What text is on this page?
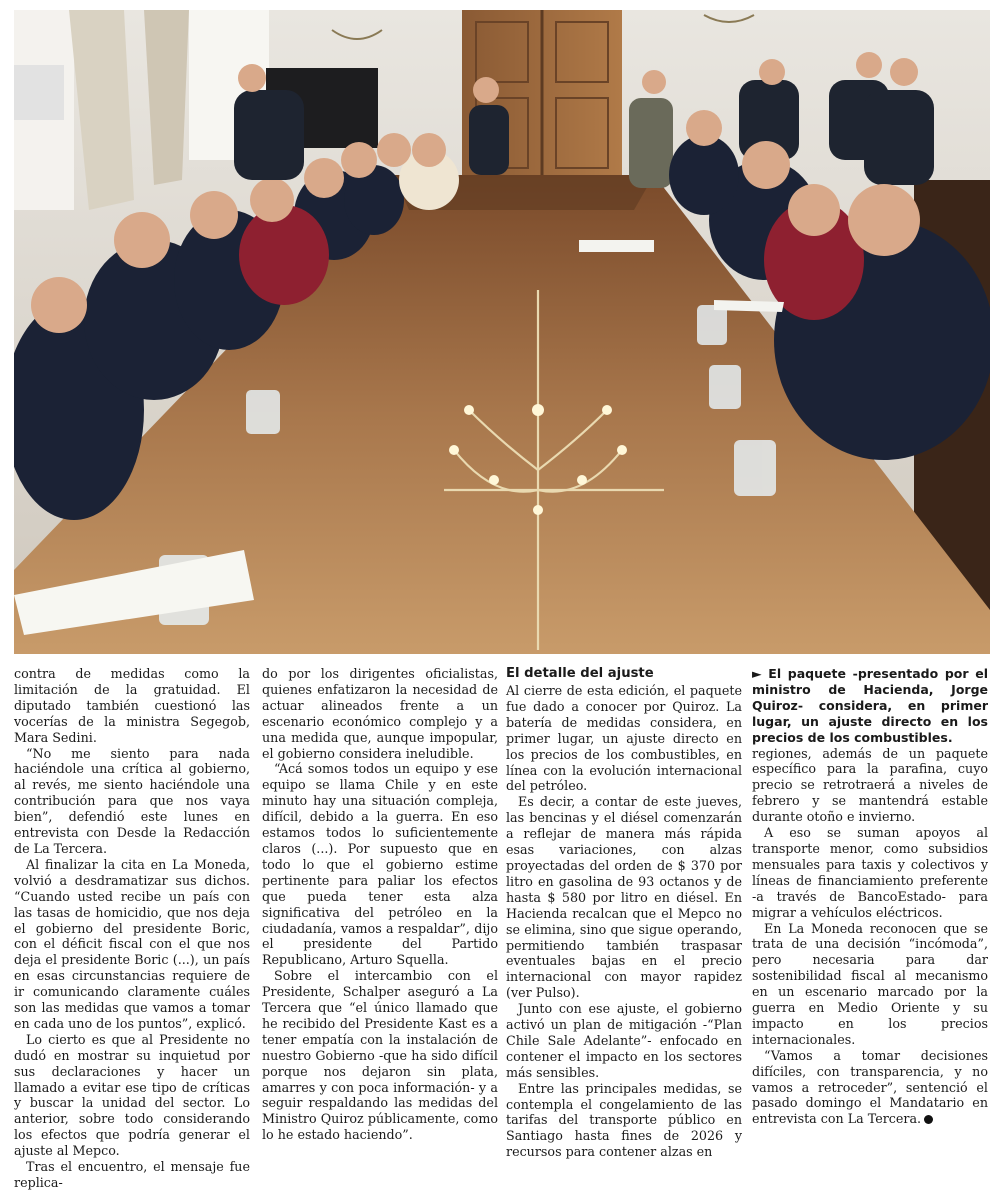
contra de medidas como la limitación de la gratuidad. El diputado también cuestionó las vocerías de la ministra Segegob, Mara Sedini.

“No me siento para nada haciéndole una crítica al gobierno, al revés, me siento haciéndole una contribución para que nos vaya bien”, defendió este lunes en entrevista con Desde la Redacción de La Tercera.

Al finalizar la cita en La Moneda, volvió a desdramatizar sus dichos. “Cuando usted recibe un país con las tasas de homicidio, que nos deja el gobierno del presidente Boric, con el déficit fiscal con el que nos deja el presidente Boric (...), un país en esas circunstancias requiere de ir comunicando claramente cuáles son las medidas que vamos a tomar en cada uno de los puntos”, explicó.

Lo cierto es que al Presidente no dudó en mostrar su inquietud por sus declaraciones y hacer un llamado a evitar ese tipo de críticas y buscar la unidad del sector. Lo anterior, sobre todo considerando los efectos que podría generar el ajuste al Mepco.

Tras el encuentro, el mensaje fue replica-

do por los dirigentes oficialistas, quienes enfatizaron la necesidad de actuar alineados frente a un escenario económico complejo y a una medida que, aunque impopular, el gobierno considera ineludible.

“Acá somos todos un equipo y ese equipo se llama Chile y en este minuto hay una situación compleja, difícil, debido a la guerra. En eso estamos todos lo suficientemente claros (...). Por supuesto que en todo lo que el gobierno estime pertinente para paliar los efectos que pueda tener esta alza significativa del petróleo en la ciudadanía, vamos a respaldar”, dijo el presidente del Partido Republicano, Arturo Squella.

Sobre el intercambio con el Presidente, Schalper aseguró a La Tercera que “el único llamado que he recibido del Presidente Kast es a tener empatía con la instalación de nuestro Gobierno -que ha sido difícil porque nos dejaron sin plata, amarres y con poca información- y a seguir respaldando las medidas del Ministro Quiroz públicamente, como lo he estado haciendo”.

El detalle del ajuste

Al cierre de esta edición, el paquete fue dado a conocer por Quiroz. La batería de medidas considera, en primer lugar, un ajuste directo en los precios de los combustibles, en línea con la evolución internacional del petróleo.

Es decir, a contar de este jueves, las bencinas y el diésel comenzarán a reflejar de manera más rápida esas variaciones, con alzas proyectadas del orden de $ 370 por litro en gasolina de 93 octanos y de hasta $ 580 por litro en diésel. En Hacienda recalcan que el Mepco no se elimina, sino que sigue operando, permitiendo también traspasar eventuales bajas en el precio internacional con mayor rapidez (ver Pulso).

Junto con ese ajuste, el gobierno activó un plan de mitigación -“Plan Chile Sale Adelante”- enfocado en contener el impacto en los sectores más sensibles.

Entre las principales medidas, se contempla el congelamiento de las tarifas del transporte público en Santiago hasta fines de 2026 y recursos para contener alzas en

► El paquete -presentado por el ministro de Hacienda, Jorge Quiroz- considera, en primer lugar, un ajuste directo en los precios de los combustibles.

regiones, además de un paquete específico para la parafina, cuyo precio se retrotraerá a niveles de febrero y se mantendrá estable durante otoño e invierno.

A eso se suman apoyos al transporte menor, como subsidios mensuales para taxis y colectivos y líneas de financiamiento preferente -a través de BancoEstado- para migrar a vehículos eléctricos.

En La Moneda reconocen que se trata de una decisión “incómoda”, pero necesaria para dar sostenibilidad fiscal al mecanismo en un escenario marcado por la guerra en Medio Oriente y su impacto en los precios internacionales.

“Vamos a tomar decisiones difíciles, con transparencia, y no vamos a retroceder”, sentenció el pasado domingo el Mandatario en entrevista con La Tercera.
